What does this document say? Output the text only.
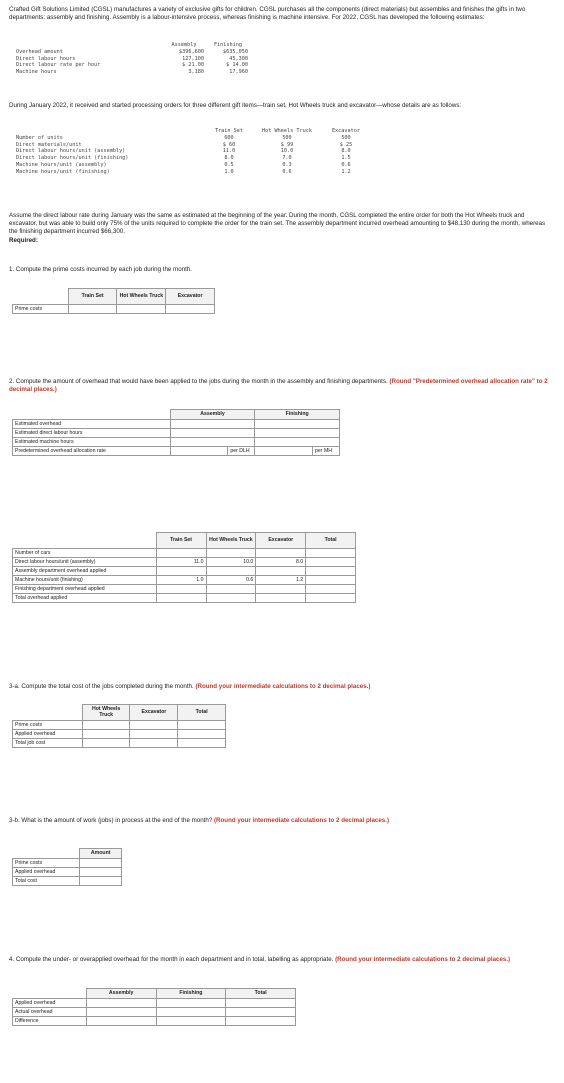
Crafted Gift Solutions Limited (CGSL) manufactures a variety of exclusive gifts for children. CGSL purchases all the components (direct materials) but assembles and finishes the gifts in two departments: assembly and finishing. Assembly is a labour-intensive process, whereas finishing is machine intensive. For 2022, CGSL has developed the following estimates:
	Assembly	Finishing
Overhead amount	$396,600	$635,050
Direct labour hours	127,100	45,300
Direct labour rate per hour	$ 21.00	$ 14.00
Machine hours	3,180	17,960
During January 2022, it received and started processing orders for three different gift items—train set, Hot Wheels truck and excavator—whose details are as follows:
	Train Set	Hot Wheels Truck	Excavator
Number of units	600	500	500
Direct materials/unit	$ 60	$ 99	$ 25
Direct labour hours/unit (assembly)	11.0	10.0	8.0
Direct labour hours/unit (finishing)	8.0	7.0	1.5
Machine hours/unit (assembly)	0.5	0.3	0.6
Machine hours/unit (finishing)	1.0	0.6	1.2
Assume the direct labour rate during January was the same as estimated at the beginning of the year. During the month, CGSL completed the entire order for both the Hot Wheels truck and excavator, but was able to build only 75% of the units required to complete the order for the train set. The assembly department incurred overhead amounting to $48,130 during the month, whereas the finishing department incurred $66,300.
Required:
1. Compute the prime costs incurred by each job during the month.
	Train Set	Hot Wheels Truck	Excavator
Prime costs			
2. Compute the amount of overhead that would have been applied to the jobs during the month in the assembly and finishing departments. (Round "Predetermined overhead allocation rate" to 2 decimal places.)
	Assembly		Finishing	
Estimated overhead				
Estimated direct labour hours				
Estimated machine hours				
Predetermined overhead allocation rate		per DLH		per MH
	Train Set	Hot Wheels Truck	Excavator	Total
Number of cars				
Direct labour hours/unit (assembly)	11.0	10.0	8.0	
Assembly department overhead applied				
Machine hours/unit (finishing)	1.0	0.6	1.2	
Finishing department overhead applied				
Total overhead applied				
3-a. Compute the total cost of the jobs completed during the month. (Round your intermediate calculations to 2 decimal places.)
	Hot Wheels Truck	Excavator	Total
Prime costs			
Applied overhead			
Total job cost			
3-b. What is the amount of work (jobs) in process at the end of the month? (Round your intermediate calculations to 2 decimal places.)
	Amount
Prime costs	
Applied overhead	
Total cost	
4. Compute the under- or overapplied overhead for the month in each department and in total, labelling as appropriate. (Round your intermediate calculations to 2 decimal places.)
	Assembly	Finishing	Total
Applied overhead			
Actual overhead			
Difference			
